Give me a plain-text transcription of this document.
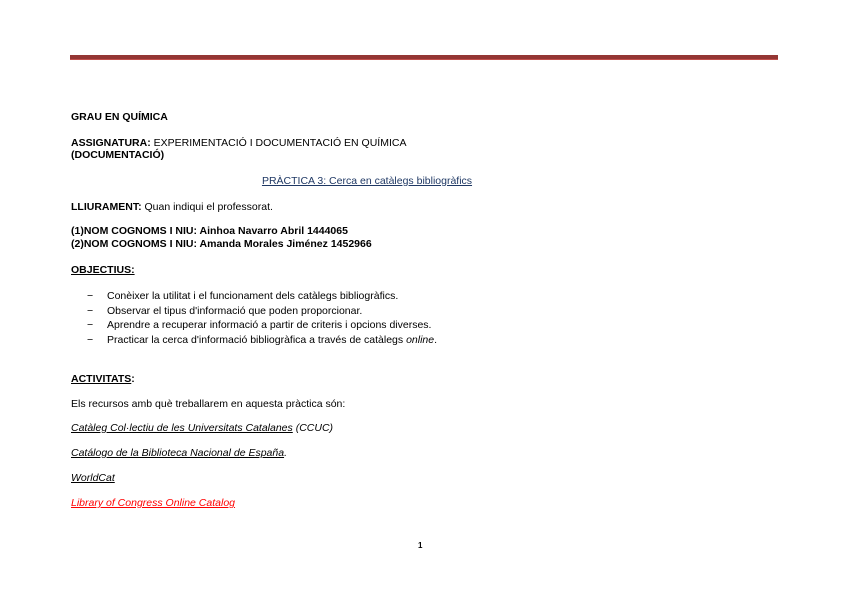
GRAU EN QUÍMICA
ASSIGNATURA: EXPERIMENTACIÓ I DOCUMENTACIÓ EN QUÍMICA
(DOCUMENTACIÓ)
PRÀCTICA 3: Cerca en catàlegs bibliogràfics
LLIURAMENT: Quan indiqui el professorat.
(1)NOM COGNOMS I NIU: Ainhoa Navarro Abril 1444065
(2)NOM COGNOMS I NIU: Amanda Morales Jiménez 1452966
OBJECTIUS:
−	Conèixer la utilitat i el funcionament dels catàlegs bibliogràfics.
−	Observar el tipus d'informació que poden proporcionar.
−	Aprendre a recuperar informació a partir de criteris i opcions diverses.
−	Practicar la cerca d'informació bibliogràfica a través de catàlegs online.
ACTIVITATS:
Els recursos amb què treballarem en aquesta pràctica són:
Catàleg Col·lectiu de les Universitats Catalanes (CCUC)
Catálogo de la Biblioteca Nacional de España.
WorldCat
Library of Congress Online Catalog
1
